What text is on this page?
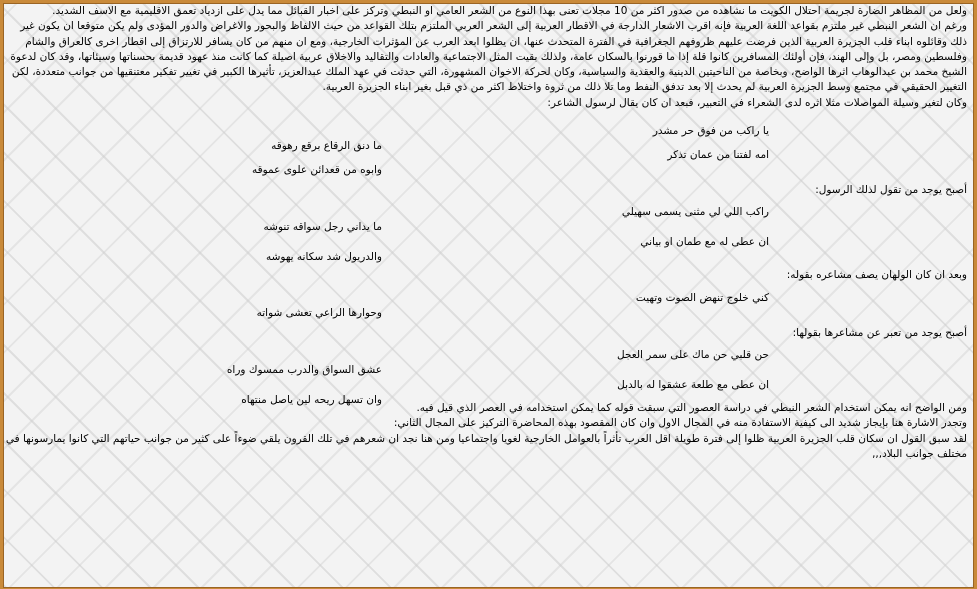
ولعل من المظاهر الضارة لجريمة احتلال الكويت ما نشاهده من صدور اكثر من 10 مجلات تعنى بهذا النوع من الشعر العامي او النبطي وتركز على اخبار القبائل مما يدل على ازدياد تعمق الاقليمية مع الاسف الشديد.

ورغم ان الشعر النبطي غير ملتزم بقواعد اللغة العربية فإنه اقرب الاشعار الدارجة في الاقطار العربية إلى الشعر العربي الملتزم بتلك القواعد من حيث الالفاظ والبحور والاغراض والدور المؤدى ولم يكن متوقعا ان يكون غير ذلك وقائلوه ابناء قلب الجزيرة العربية الذين فرضت عليهم ظروفهم الجغرافية في الفترة المتحدث عنها، ان يظلوا ابعد العرب عن المؤثرات الخارجية، ومع ان منهم من كان يسافر للارتزاق إلى اقطار اخرى كالعراق والشام وفلسطين ومصر، بل وإلى الهند، فإن أولئك المسافرين كانوا قلة إذا ما قورنوا بالسكان عامة، ولذلك بقيت المثل الاجتماعية والعادات والتقاليد والاخلاق عربية اصيلة كما كانت منذ عهود قديمة بحسناتها وسيئاتها، وقد كان لدعوة الشيخ محمد بن عبدالوهاب اثرها الواضح، وبخاصة من الناحيتين الدينية والعقدية والسياسية، وكان لحركة الاخوان المشهورة، التي حدثت في عهد الملك عبدالعزيز، تأثيرها الكبير في تغيير تفكير معتنقيها من جوانب متعددة، لكن التغيير الحقيقي في مجتمع وسط الجزيرة العربية لم يحدث إلا بعد تدفق النفط وما تلا ذلك من ثروة واختلاط اكثر من ذي قبل بغير ابناء الجزيرة العربية.

وكان لتغير وسيلة المواصلات مثلا اثره لدى الشعراء في التعبير، فبعد ان كان يقال لرسول الشاعر:

يا راكب من فوق حر مشدر
ما دنق الرقاع برقع رهوقه
امه لفتنا من عمان تذكر
وابوه من قعدائن علوى عموقه

أصبح يوجد من تقول لذلك الرسول:

راكب اللي لي مثنى يسمى سهيلي
ما يداني رجل سواقه تنوشه
ان عطى له مع طمان او بياني
والدريول شد سكانه يهوشه

وبعد ان كان الولهان يصف مشاعره بقوله:

كني خلوج تنهض الصوت وتهيت
وحوارها الراعي تعشى شواته

أصبح يوجد من تعبر عن مشاعرها بقولها:

حن قلبي حن ماك على سمر العجل
عشق السواق والدرب ممسوك وراه
ان عطى مع طلعة عشقوا له بالدبل
وان تسهل ريحه لين ياصل منتهاه

ومن الواضح انه يمكن استخدام الشعر النبطي في دراسة العصور التي سبقت قوله كما يمكن استخدامه في العصر الذي قيل فيه.

وتجدر الاشارة هنا بإيجاز شديد الى كيفية الاستفادة منه في المجال الاول وان كان المقصود بهذه المحاضرة التركيز على المجال الثاني:

لقد سبق القول ان سكان قلب الجزيرة العربية ظلوا إلى فترة طويلة اقل العرب تأثراً بالعوامل الخارجية لغويا واجتماعيا ومن هنا نجد ان شعرهم في تلك القرون يلقي ضوءاً على كثير من جوانب حياتهم التي كانوا يمارسونها في مختلف جوانب البلاد,,,
